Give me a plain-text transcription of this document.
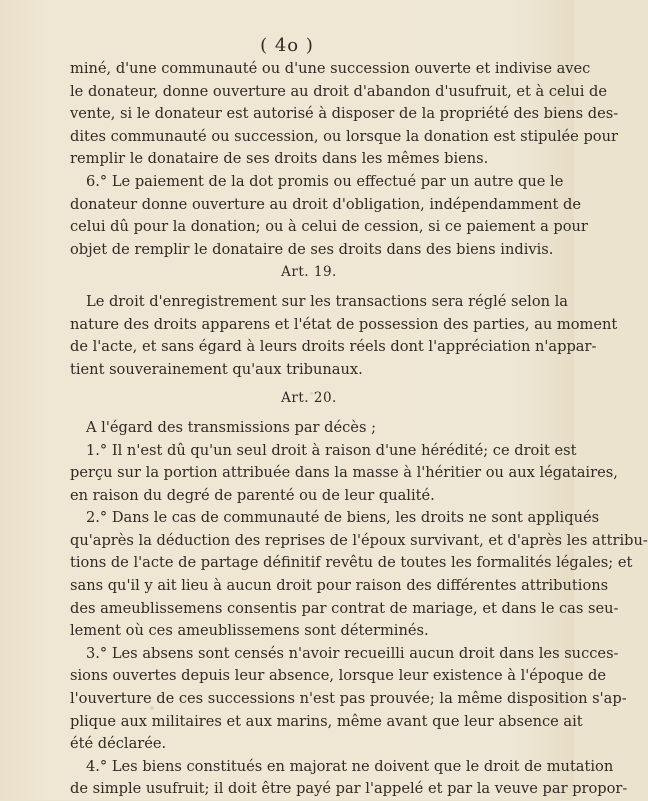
( 4o )
miné, d'une communauté ou d'une succession ouverte et indivise avec
le donateur, donne ouverture au droit d'abandon d'usufruit, et à celui de
vente, si le donateur est autorisé à disposer de la propriété des biens des-
dites communauté ou succession, ou lorsque la donation est stipulée pour
remplir le donataire de ses droits dans les mêmes biens.
6.° Le paiement de la dot promis ou effectué par un autre que le
donateur donne ouverture au droit d'obligation, indépendamment de
celui dû pour la donation; ou à celui de cession, si ce paiement a pour
objet de remplir le donataire de ses droits dans des biens indivis.
Art. 19.
Le droit d'enregistrement sur les transactions sera réglé selon la
nature des droits apparens et l'état de possession des parties, au moment
de l'acte, et sans égard à leurs droits réels dont l'appréciation n'appar-
tient souverainement qu'aux tribunaux.
Art. 20.
A l'égard des transmissions par décès ;
1.° Il n'est dû qu'un seul droit à raison d'une hérédité; ce droit est
perçu sur la portion attribuée dans la masse à l'héritier ou aux légataires,
en raison du degré de parenté ou de leur qualité.
2.° Dans le cas de communauté de biens, les droits ne sont appliqués
qu'après la déduction des reprises de l'époux survivant, et d'après les attribu-
tions de l'acte de partage définitif revêtu de toutes les formalités légales; et
sans qu'il y ait lieu à aucun droit pour raison des différentes attributions
des ameublissemens consentis par contrat de mariage, et dans le cas seu-
lement où ces ameublissemens sont déterminés.
3.° Les absens sont censés n'avoir recueilli aucun droit dans les succes-
sions ouvertes depuis leur absence, lorsque leur existence à l'époque de
l'ouverture de ces successions n'est pas prouvée; la même disposition s'ap-
plique aux militaires et aux marins, même avant que leur absence ait
été déclarée.
4.° Les biens constitués en majorat ne doivent que le droit de mutation
de simple usufruit; il doit être payé par l'appelé et par la veuve par propor-
